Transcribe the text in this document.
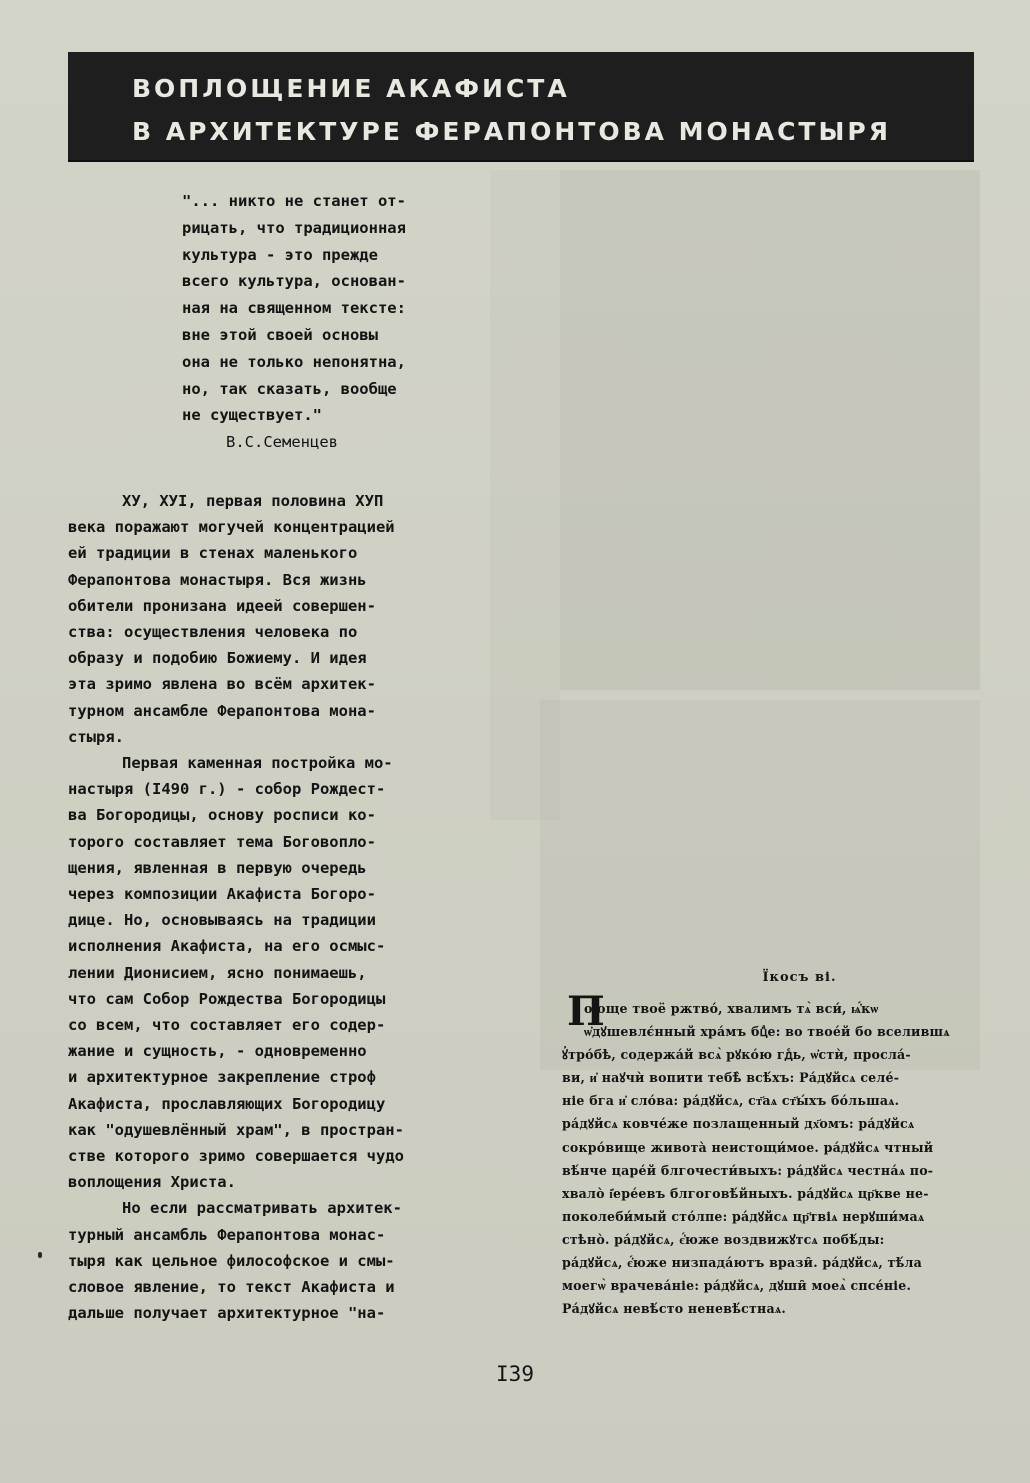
ВОПЛОЩЕНИЕ АКАФИСТА
В АРХИТЕКТУРЕ ФЕРАПОНТОВА МОНАСТЫРЯ
"... никто не станет от-
рицать, что традиционная
культура - это прежде
всего культура, основан-
ная на священном тексте:
вне этой своей основы
она не только непонятна,
но, так сказать, вообще
не существует."
В.С.Семенцев
ХУ, ХУI, первая половина ХУП
века поражают могучей концентрацией
ей традиции в стенах маленького
Ферапонтова монастыря. Вся жизнь
обители пронизана идеей совершен-
ства: осуществления человека по
образу и подобию Божиему. И идея
эта зримо явлена во всём архитек-
турном ансамбле Ферапонтова мона-
стыря.
Первая каменная постройка мо-
настыря (I490 г.) - собор Рождест-
ва Богородицы, основу росписи ко-
торого составляет тема Боговопло-
щения, явленная в первую очередь
через композиции Акафиста Богоро-
дице. Но, основываясь на традиции
исполнения Акафиста, на его осмыс-
лении Дионисием, ясно понимаешь,
что сам Собор Рождества Богородицы
со всем, что составляет его содер-
жание и сущность, - одновременно
и архитектурное закрепление строф
Акафиста, прославляющих Богородицу
как "одушевлённый храм", в простран-
стве которого зримо совершается чудо
воплощения Христа.
Но если рассматривать архитек-
турный ансамбль Ферапонтова монас-
тыря как цельное философское и смы-
словое явление, то текст Акафиста и
дальше получает архитектурное "на-
Їкосъ ві.
П
оюще твоё ржтво́, хвалимъ тѧ̀ вси́, ѩ҆́кѡ
ѡ҆дꙋшевлє́нный хра́мъ бцⷣе: во твое́й бо вселившѧ
ꙋ҆тро́бѣ, содержа́й всѧ̀ рꙋко́ю гдⷭь, ѡ҆стѝ, просла́-
ви, и҆ наꙋчѝ вопити тебѣ̀ всѣ́хъ: Ра́дꙋйсѧ селе́-
ніе бга и҆ сло́ва: ра́дꙋйсѧ, ст҃аѧ ст҃ы́хъ бо́льшаѧ.
ра́дꙋйсѧ ковче́же позлащенный дх҃омъ: ра́дꙋйсѧ
сокро́вище живота̀ неистощи́мое. ра́дꙋйсѧ чтный
вѣ́нче царе́й блгочести́выхъ: ра́дꙋйсѧ честна́ѧ по-
хвало̀ і҆ере́евъ блгоговѣ́йныхъ. ра́дꙋйсѧ цр҃кве не-
поколеби́мый сто́лпе: ра́дꙋйсѧ цр҃твіѧ нерꙋши́маѧ
стѣно̀. ра́дꙋйсѧ, є҆́юже воздвижꙋтсѧ побѣ́ды:
ра́дꙋйсѧ, є҆́юже низпада́ютъ врази̑. ра́дꙋйсѧ, тѣ́ла
моегѡ̀ врачева́ніе: ра́дꙋйсѧ, дꙋши̑ моеѧ̀ спсе́ніе.
Ра́дꙋйсѧ невѣ́сто неневѣ́стнаѧ.
I39
